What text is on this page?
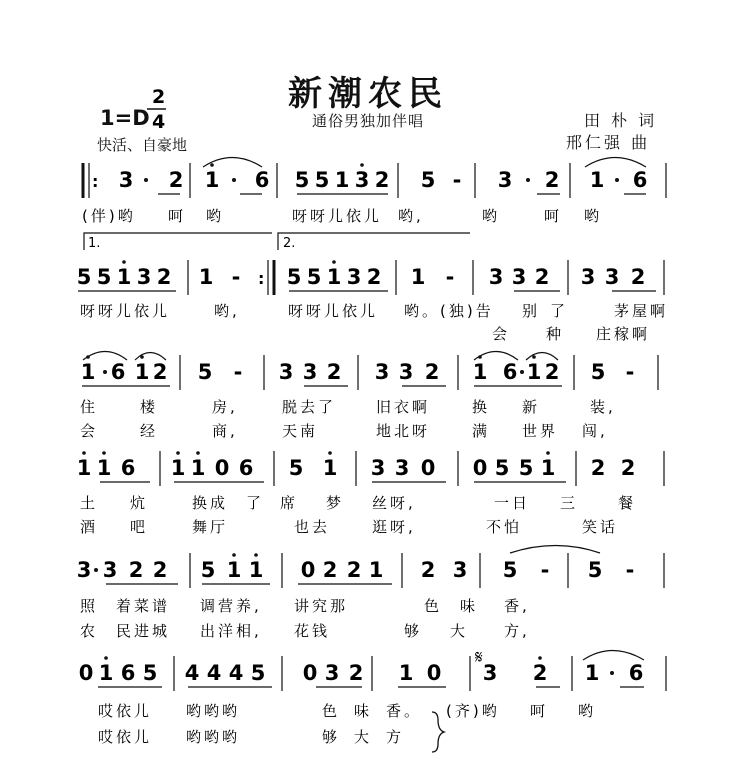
新潮农民
通俗男独加伴唱	田 朴 词
邢仁强 曲
1=D
快活、自豪地
2
4
:
1.	2.
:
𝄋
3 2 1 6 5 5 1 3 2 5 - 3 2 1 6
5 5 1 3 2 1 - 5 5 1 3 2 1 - 3 3 2 3 3 2
1 6 1 2 5 - 3 3 2 3 3 2 1 6 1 2 5 -
1 1 6 1 1 0 6 5 1 3 3 0 0 5 5 1 2 2
3 3 2 2 5 1 1 0 2 2 1 2 3 5 - 5 -
0 1 6 5 4 4 4 5 0 3 2 1 0 3 2 1 6
(伴)哟 呵 哟	呀呀儿依儿 哟,	哟	呵 哟
呀呀儿依儿	哟,	呀呀儿依儿 哟。(独)告 别 了	茅屋啊
会 种 庄稼啊
住	楼	房,	脱去了	旧衣啊	换 新	装,
会	经	商,	天南	地北呀	满 世界 闯,
土 炕	换成 了 席 梦 丝呀,	一日 三	餐
酒 吧	舞厅	也去	逛呀,	不怕	笑话
照 着菜谱 调营养, 讲究那	色 味 香,
农 民进城 出洋相, 花钱	够 大 方,
哎依儿 哟哟哟	色 味 香。 (齐)哟 呵 哟
哎依儿 哟哟哟	够 大 方
